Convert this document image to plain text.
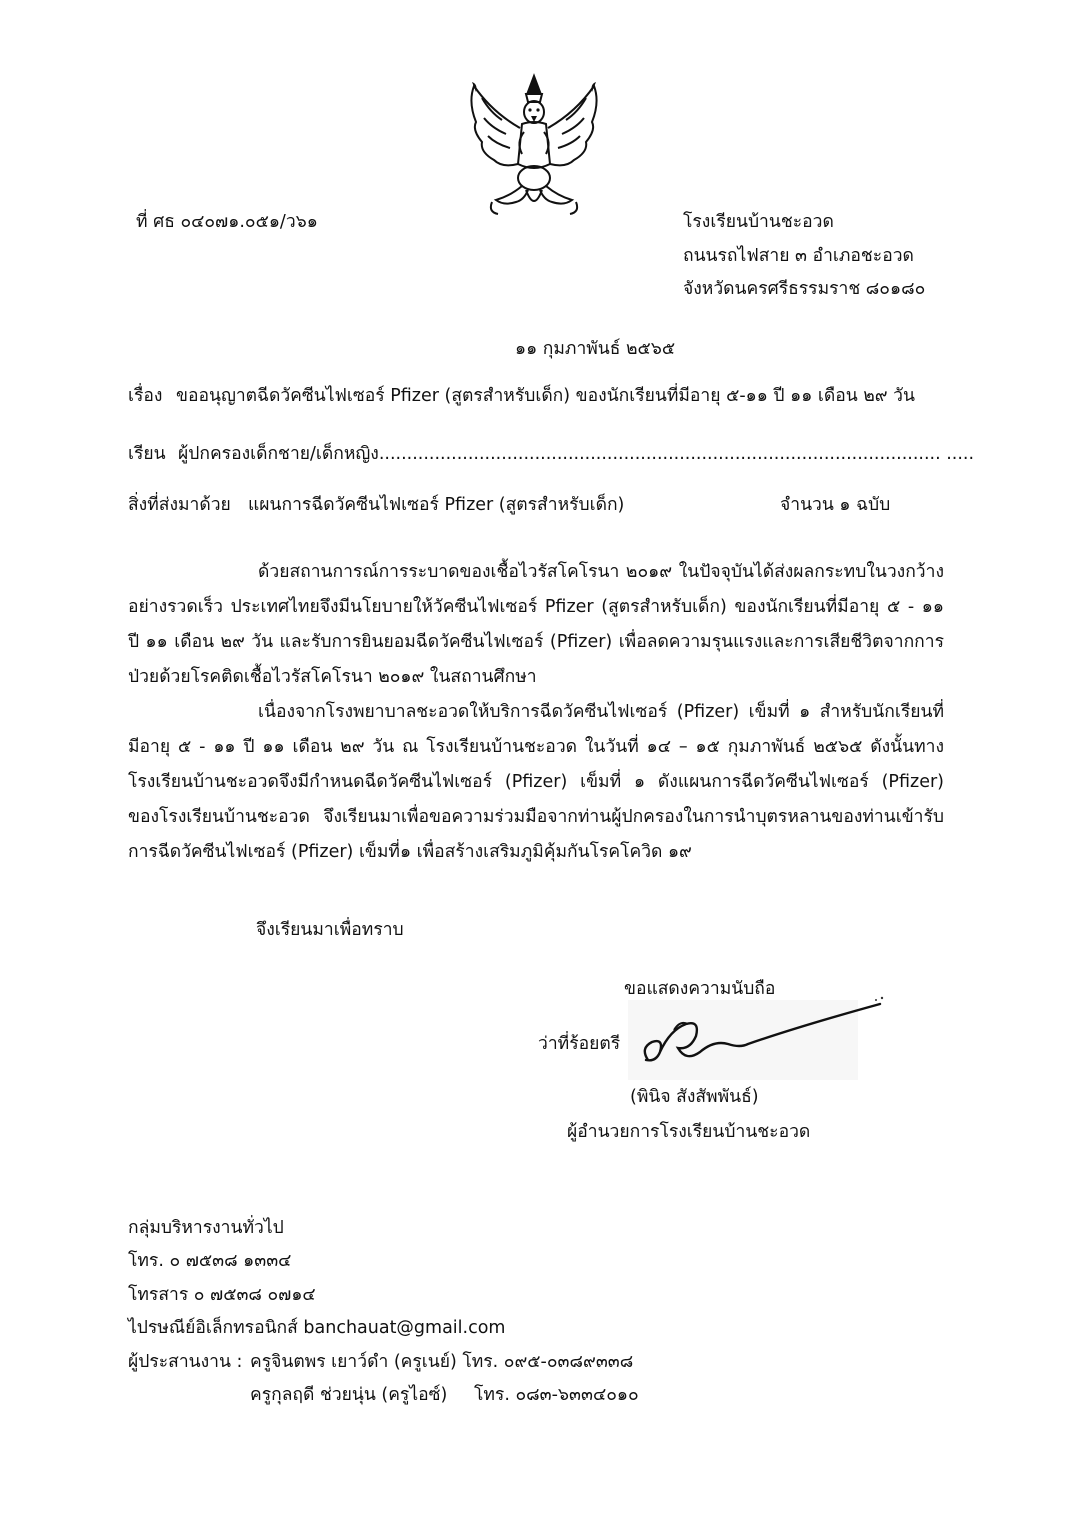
ที่ ศธ ๐๔๐๗๑.๐๕๑/ว๖๑	โรงเรียนบ้านชะอวด
ถนนรถไฟสาย ๓ อำเภอชะอวด
จังหวัดนครศรีธรรมราช ๘๐๑๘๐
๑๑ กุมภาพันธ์ ๒๕๖๕
เรื่อง ขออนุญาตฉีดวัคซีนไฟเซอร์ Pfizer (สูตรสำหรับเด็ก) ของนักเรียนที่มีอายุ ๕-๑๑ ปี ๑๑ เดือน ๒๙ วัน
เรียน ผู้ปกครองเด็กชาย/เด็กหญิง..................................................................................................... .....
สิ่งที่ส่งมาด้วย แผนการฉีดวัคซีนไฟเซอร์ Pfizer (สูตรสำหรับเด็ก)	จำนวน ๑ ฉบับ

ด้วยสถานการณ์การระบาดของเชื้อไวรัสโคโรนา ๒๐๑๙ ในปัจจุบันได้ส่งผลกระทบในวงกว้างอย่างรวดเร็ว ประเทศไทยจึงมีนโยบายให้วัคซีนไฟเซอร์ Pfizer (สูตรสำหรับเด็ก) ของนักเรียนที่มีอายุ ๕ - ๑๑ ปี ๑๑ เดือน ๒๙ วัน และรับการยินยอมฉีดวัคซีนไฟเซอร์ (Pfizer) เพื่อลดความรุนแรงและการเสียชีวิตจากการป่วยด้วยโรคติดเชื้อไวรัสโคโรนา ๒๐๑๙ ในสถานศึกษา

เนื่องจากโรงพยาบาลชะอวดให้บริการฉีดวัคซีนไฟเซอร์ (Pfizer) เข็มที่ ๑ สำหรับนักเรียนที่มีอายุ ๕ - ๑๑ ปี ๑๑ เดือน ๒๙ วัน ณ โรงเรียนบ้านชะอวด ในวันที่ ๑๔ – ๑๕ กุมภาพันธ์ ๒๕๖๕ ดังนั้นทางโรงเรียนบ้านชะอวดจึงมีกำหนดฉีดวัคซีนไฟเซอร์ (Pfizer) เข็มที่ ๑ ดังแผนการฉีดวัคซีนไฟเซอร์ (Pfizer) ของโรงเรียนบ้านชะอวด จึงเรียนมาเพื่อขอความร่วมมือจากท่านผู้ปกครองในการนำบุตรหลานของท่านเข้ารับการฉีดวัคซีนไฟเซอร์ (Pfizer) เข็มที่๑ เพื่อสร้างเสริมภูมิคุ้มกันโรคโควิด ๑๙

จึงเรียนมาเพื่อทราบ
ขอแสดงความนับถือ
ว่าที่ร้อยตรี
(พินิจ สังสัพพันธ์)
ผู้อำนวยการโรงเรียนบ้านชะอวด
กลุ่มบริหารงานทั่วไป
โทร. ๐ ๗๕๓๘ ๑๓๓๔
โทรสาร ๐ ๗๕๓๘ ๐๗๑๔
ไปรษณีย์อิเล็กทรอนิกส์ banchauat@gmail.com
ผู้ประสานงาน : ครูจินตพร เยาว์ดำ (ครูเนย์) โทร. ๐๙๕-๐๓๘๙๓๓๘
ครูกุลฤดี ช่วยนุ่น (ครูไอซ์) โทร. ๐๘๓-๖๓๓๔๐๑๐
